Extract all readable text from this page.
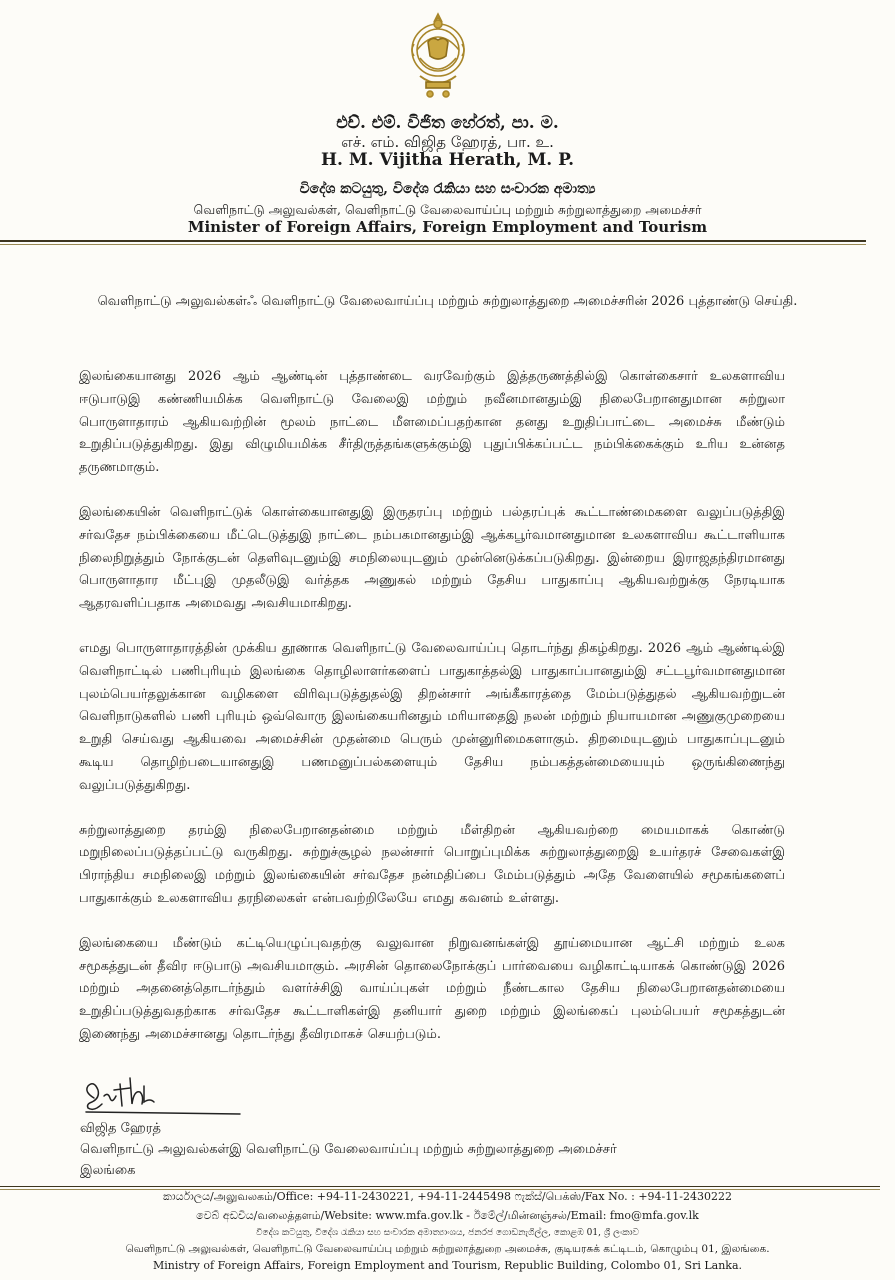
එච්. එම්. විජිත හේරත්, පා. ම.
எச். எம். விஜித ஹேரத், பா. உ.
H. M. Vijitha Herath, M. P.
විදේශ කටයුතු, විදේශ රැකියා සහ සංචාරක අමාත්‍ය
வெளிநாட்டு அலுவல்கள், வெளிநாட்டு வேலைவாய்ப்பு மற்றும் சுற்றுலாத்துறை அமைச்சர்
Minister of Foreign Affairs, Foreign Employment and Tourism
வெளிநாட்டு அலுவல்கள்ஃ வெளிநாட்டு வேலைவாய்ப்பு மற்றும் சுற்றுலாத்துறை அமைச்சரின் 2026 புத்தாண்டு செய்தி.

இலங்கையானது 2026 ஆம் ஆண்டின் புத்தாண்டை வரவேற்கும் இத்தருணத்தில்இ கொள்கைசார் உலகளாவிய ஈடுபாடுஇ கண்ணியமிக்க வெளிநாட்டு வேலைஇ மற்றும் நவீனமானதும்இ நிலைபேறானதுமான சுற்றுலா பொருளாதாரம் ஆகியவற்றின் மூலம் நாட்டை மீளமைப்பதற்கான தனது உறுதிப்பாட்டை அமைச்சு மீண்டும் உறுதிப்படுத்துகிறது. இது விழுமியமிக்க சீர்திருத்தங்களுக்கும்இ புதுப்பிக்கப்பட்ட நம்பிக்கைக்கும் உரிய உன்னத தருணமாகும்.

இலங்கையின் வெளிநாட்டுக் கொள்கையானதுஇ இருதரப்பு மற்றும் பல்தரப்புக் கூட்டாண்மைகளை வலுப்படுத்திஇ சர்வதேச நம்பிக்கையை மீட்டெடுத்துஇ நாட்டை நம்பகமானதும்இ ஆக்கபூர்வமானதுமான உலகளாவிய கூட்டாளியாக நிலைநிறுத்தும் நோக்குடன் தெளிவுடனும்இ சமநிலையுடனும் முன்னெடுக்கப்படுகிறது. இன்றைய இராஜதந்திரமானது பொருளாதார மீட்புஇ முதலீடுஇ வர்த்தக அணுகல் மற்றும் தேசிய பாதுகாப்பு ஆகியவற்றுக்கு நேரடியாக ஆதரவளிப்பதாக அமைவது அவசியமாகிறது.

எமது பொருளாதாரத்தின் முக்கிய தூணாக வெளிநாட்டு வேலைவாய்ப்பு தொடர்ந்து திகழ்கிறது. 2026 ஆம் ஆண்டில்இ வெளிநாட்டில் பணிபுரியும் இலங்கை தொழிலாளர்களைப் பாதுகாத்தல்இ பாதுகாப்பானதும்இ சட்டபூர்வமானதுமான புலம்பெயர்தலுக்கான வழிகளை விரிவுபடுத்துதல்இ திறன்சார் அங்கீகாரத்தை மேம்படுத்துதல் ஆகியவற்றுடன் வெளிநாடுகளில் பணி புரியும் ஒவ்வொரு இலங்கையரினதும் மரியாதைஇ நலன் மற்றும் நியாயமான அணுகுமுறையை உறுதி செய்வது ஆகியவை அமைச்சின் முதன்மை பெரும் முன்னுரிமைகளாகும். திறமையுடனும் பாதுகாப்புடனும் கூடிய தொழிற்படையானதுஇ பணமனுப்பல்களையும் தேசிய நம்பகத்தன்மையையும் ஒருங்கிணைந்து வலுப்படுத்துகிறது.

சுற்றுலாத்துறை தரம்இ நிலைபேறானதன்மை மற்றும் மீள்திறன் ஆகியவற்றை மையமாகக் கொண்டு மறுநிலைப்படுத்தப்பட்டு வருகிறது. சுற்றுச்சூழல் நலன்சார் பொறுப்புமிக்க சுற்றுலாத்துறைஇ உயர்தரச் சேவைகள்இ பிராந்திய சமநிலைஇ மற்றும் இலங்கையின் சர்வதேச நன்மதிப்பை மேம்படுத்தும் அதே வேளையில் சமூகங்களைப் பாதுகாக்கும் உலகளாவிய தரநிலைகள் என்பவற்றிலேயே எமது கவனம் உள்ளது.

இலங்கையை மீண்டும் கட்டியெழுப்புவதற்கு வலுவான நிறுவனங்கள்இ தூய்மையான ஆட்சி மற்றும் உலக சமூகத்துடன் தீவிர ஈடுபாடு அவசியமாகும். அரசின் தொலைநோக்குப் பார்வையை வழிகாட்டியாகக் கொண்டுஇ 2026 மற்றும் அதனைத்தொடர்ந்தும் வளர்ச்சிஇ வாய்ப்புகள் மற்றும் நீண்டகால தேசிய நிலைபேறானதன்மையை உறுதிப்படுத்துவதற்காக சர்வதேச கூட்டாளிகள்இ தனியார் துறை மற்றும் இலங்கைப் புலம்பெயர் சமூகத்துடன் இணைந்து அமைச்சானது தொடர்ந்து தீவிரமாகச் செயற்படும்.

விஜித ஹேரத்
வெளிநாட்டு அலுவல்கள்இ வெளிநாட்டு வேலைவாய்ப்பு மற்றும் சுற்றுலாத்துறை அமைச்சர்
இலங்கை
කාර්යාලය/அலுவலகம்/Office: +94-11-2430221, +94-11-2445498 ෆැක්ස්/பெக்ஸ்/Fax No. : +94-11-2430222
වෙබ් අඩවිය/வலைத்தளம்/Website: www.mfa.gov.lk - ඊමේල්/மின்னஞ்சல்/Email: fmo@mfa.gov.lk
විදේශ කටයුතු, විදේශ රැකියා සහ සංචාරක අමාත්‍යාංශය, ජනරජ ගොඩනැගිල්ල, කොළඹ 01, ශ්‍රී ලංකාව
வெளிநாட்டு அலுவல்கள், வெளிநாட்டு வேலைவாய்ப்பு மற்றும் சுற்றுலாத்துறை அமைச்சு, குடியரசுக் கட்டிடம், கொழும்பு 01, இலங்கை.
Ministry of Foreign Affairs, Foreign Employment and Tourism, Republic Building, Colombo 01, Sri Lanka.
